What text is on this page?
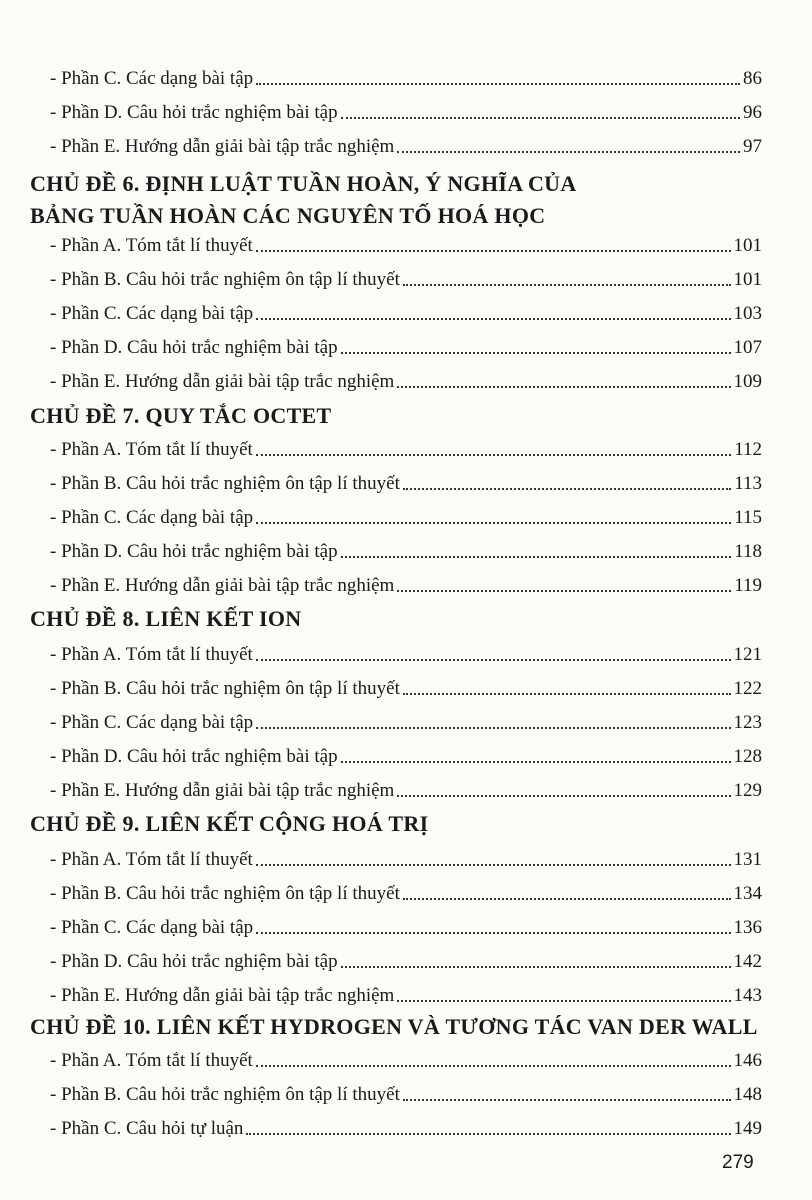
- Phần C. Các dạng bài tập	86
- Phần D. Câu hỏi trắc nghiệm bài tập	96
- Phần E. Hướng dẫn giải bài tập trắc nghiệm	97
CHỦ ĐỀ 6. ĐỊNH LUẬT TUẦN HOÀN, Ý NGHĨA CỦA
BẢNG TUẦN HOÀN CÁC NGUYÊN TỐ HOÁ HỌC
- Phần A. Tóm tắt lí thuyết	101
- Phần B. Câu hỏi trắc nghiệm ôn tập lí thuyết	101
- Phần C. Các dạng bài tập	103
- Phần D. Câu hỏi trắc nghiệm bài tập	107
- Phần E. Hướng dẫn giải bài tập trắc nghiệm	109
CHỦ ĐỀ 7. QUY TẮC OCTET
- Phần A. Tóm tắt lí thuyết	112
- Phần B. Câu hỏi trắc nghiệm ôn tập lí thuyết	113
- Phần C. Các dạng bài tập	115
- Phần D. Câu hỏi trắc nghiệm bài tập	118
- Phần E. Hướng dẫn giải bài tập trắc nghiệm	119
CHỦ ĐỀ 8. LIÊN KẾT ION
- Phần A. Tóm tắt lí thuyết	121
- Phần B. Câu hỏi trắc nghiệm ôn tập lí thuyết	122
- Phần C. Các dạng bài tập	123
- Phần D. Câu hỏi trắc nghiệm bài tập	128
- Phần E. Hướng dẫn giải bài tập trắc nghiệm	129
CHỦ ĐỀ 9. LIÊN KẾT CỘNG HOÁ TRỊ
- Phần A. Tóm tắt lí thuyết	131
- Phần B. Câu hỏi trắc nghiệm ôn tập lí thuyết	134
- Phần C. Các dạng bài tập	136
- Phần D. Câu hỏi trắc nghiệm bài tập	142
- Phần E. Hướng dẫn giải bài tập trắc nghiệm	143
CHỦ ĐỀ 10. LIÊN KẾT HYDROGEN VÀ TƯƠNG TÁC VAN DER WALL
- Phần A. Tóm tắt lí thuyết	146
- Phần B. Câu hỏi trắc nghiệm ôn tập lí thuyết	148
- Phần C. Câu hỏi tự luận	149
279
